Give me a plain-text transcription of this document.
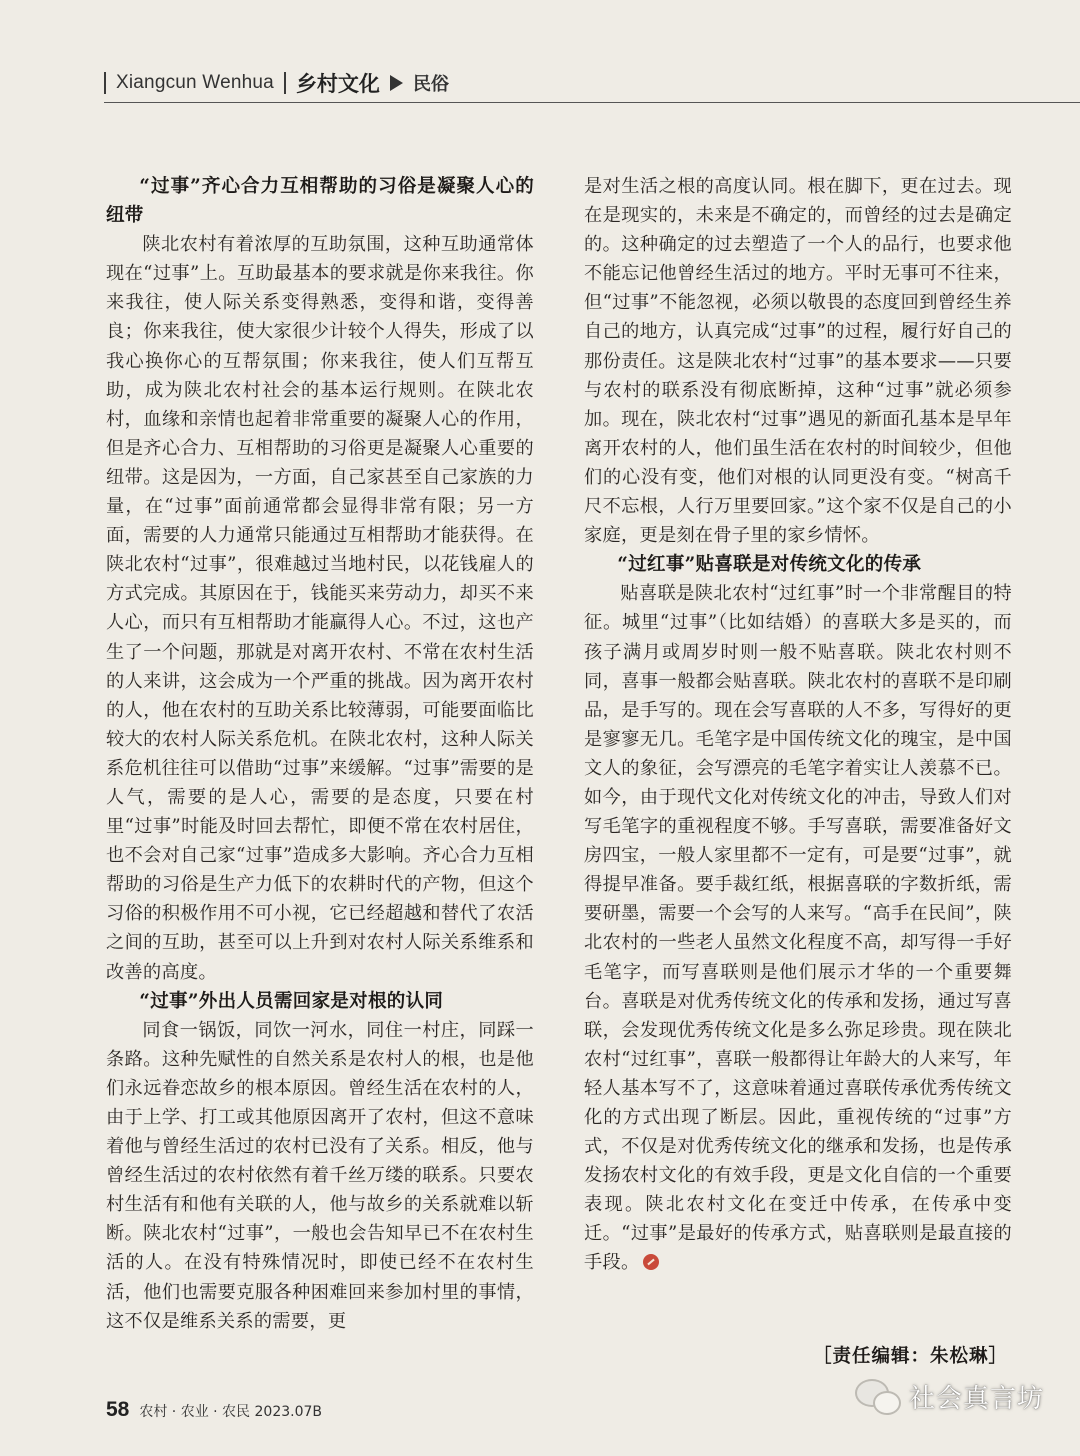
Xiangcun Wenhua 乡村文化 民俗
“过事”齐心合力互相帮助的习俗是凝聚人心的纽带

陕北农村有着浓厚的互助氛围，这种互助通常体现在“过事”上。互助最基本的要求就是你来我往。你来我往，使人际关系变得熟悉，变得和谐，变得善良；你来我往，使大家很少计较个人得失，形成了以我心换你心的互帮氛围；你来我往，使人们互帮互助，成为陕北农村社会的基本运行规则。在陕北农村，血缘和亲情也起着非常重要的凝聚人心的作用，但是齐心合力、互相帮助的习俗更是凝聚人心重要的纽带。这是因为，一方面，自己家甚至自己家族的力量，在“过事”面前通常都会显得非常有限；另一方面，需要的人力通常只能通过互相帮助才能获得。在陕北农村“过事”，很难越过当地村民，以花钱雇人的方式完成。其原因在于，钱能买来劳动力，却买不来人心，而只有互相帮助才能赢得人心。不过，这也产生了一个问题，那就是对离开农村、不常在农村生活的人来讲，这会成为一个严重的挑战。因为离开农村的人，他在农村的互助关系比较薄弱，可能要面临比较大的农村人际关系危机。在陕北农村，这种人际关系危机往往可以借助“过事”来缓解。“过事”需要的是人气，需要的是人心，需要的是态度，只要在村里“过事”时能及时回去帮忙，即便不常在农村居住，也不会对自己家“过事”造成多大影响。齐心合力互相帮助的习俗是生产力低下的农耕时代的产物，但这个习俗的积极作用不可小视，它已经超越和替代了农活之间的互助，甚至可以上升到对农村人际关系维系和改善的高度。

“过事”外出人员需回家是对根的认同

同食一锅饭，同饮一河水，同住一村庄，同踩一条路。这种先赋性的自然关系是农村人的根，也是他们永远眷恋故乡的根本原因。曾经生活在农村的人，由于上学、打工或其他原因离开了农村，但这不意味着他与曾经生活过的农村已没有了关系。相反，他与曾经生活过的农村依然有着千丝万缕的联系。只要农村生活有和他有关联的人，他与故乡的关系就难以斩断。陕北农村“过事”，一般也会告知早已不在农村生活的人。在没有特殊情况时，即使已经不在农村生活，他们也需要克服各种困难回来参加村里的事情，这不仅是维系关系的需要，更

是对生活之根的高度认同。根在脚下，更在过去。现在是现实的，未来是不确定的，而曾经的过去是确定的。这种确定的过去塑造了一个人的品行，也要求他不能忘记他曾经生活过的地方。平时无事可不往来，但“过事”不能忽视，必须以敬畏的态度回到曾经生养自己的地方，认真完成“过事”的过程，履行好自己的那份责任。这是陕北农村“过事”的基本要求——只要与农村的联系没有彻底断掉，这种“过事”就必须参加。现在，陕北农村“过事”遇见的新面孔基本是早年离开农村的人，他们虽生活在农村的时间较少，但他们的心没有变，他们对根的认同更没有变。“树高千尺不忘根，人行万里要回家。”这个家不仅是自己的小家庭，更是刻在骨子里的家乡情怀。

“过红事”贴喜联是对传统文化的传承

贴喜联是陕北农村“过红事”时一个非常醒目的特征。城里“过事”（比如结婚）的喜联大多是买的，而孩子满月或周岁时则一般不贴喜联。陕北农村则不同，喜事一般都会贴喜联。陕北农村的喜联不是印刷品，是手写的。现在会写喜联的人不多，写得好的更是寥寥无几。毛笔字是中国传统文化的瑰宝，是中国文人的象征，会写漂亮的毛笔字着实让人羡慕不已。如今，由于现代文化对传统文化的冲击，导致人们对写毛笔字的重视程度不够。手写喜联，需要准备好文房四宝，一般人家里都不一定有，可是要“过事”，就得提早准备。要手裁红纸，根据喜联的字数折纸，需要研墨，需要一个会写的人来写。“高手在民间”，陕北农村的一些老人虽然文化程度不高，却写得一手好毛笔字，而写喜联则是他们展示才华的一个重要舞台。喜联是对优秀传统文化的传承和发扬，通过写喜联，会发现优秀传统文化是多么弥足珍贵。现在陕北农村“过红事”，喜联一般都得让年龄大的人来写，年轻人基本写不了，这意味着通过喜联传承优秀传统文化的方式出现了断层。因此，重视传统的“过事”方式，不仅是对优秀传统文化的继承和发扬，也是传承发扬农村文化的有效手段，更是文化自信的一个重要表现。陕北农村文化在变迁中传承，在传承中变迁。“过事”是最好的传承方式，贴喜联则是最直接的手段。

［责任编辑：朱松琳］
58 农村 · 农业 · 农民 2023.07B	社会真言坊
